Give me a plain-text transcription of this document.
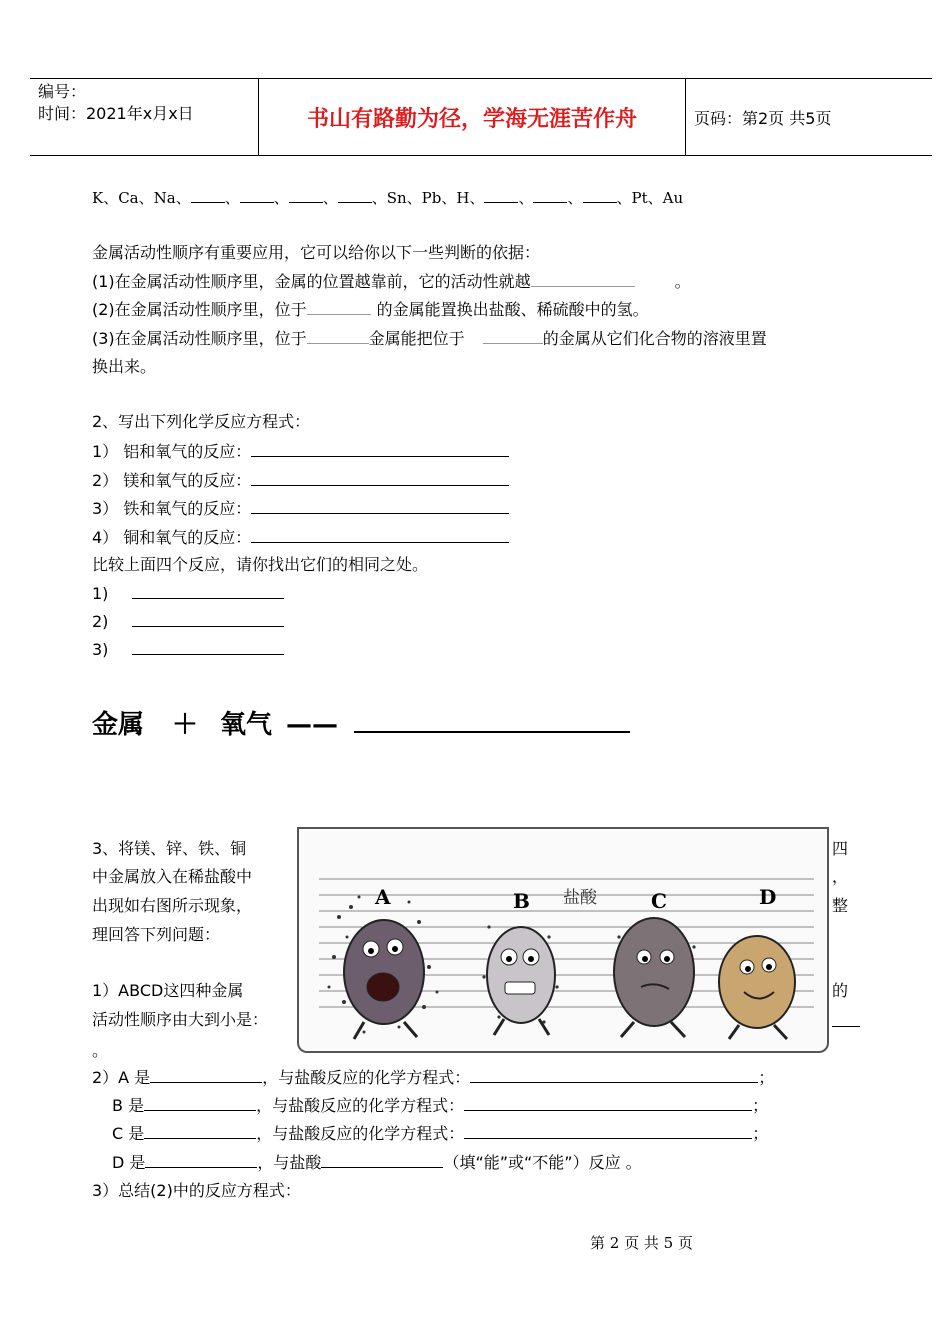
编号：
时间：2021年x月x日	书山有路勤为径，学海无涯苦作舟	页码：第2页 共5页
K、Ca、Na、 、 、 、 、Sn、Pb、H、 、 、 、Pt、Au
金属活动性顺序有重要应用，它可以给你以下一些判断的依据：
(1)在金属活动性顺序里，金属的位置越靠前，它的活动性就越	。
(2)在金属活动性顺序里，位于	的金属能置换出盐酸、稀硫酸中的氢。
(3)在金属活动性顺序里，位于	金属能把位于	的金属从它们化合物的溶液里置
换出来。
2、写出下列化学反应方程式：
1） 铝和氧气的反应：
2） 镁和氧气的反应：
3） 铁和氧气的反应：
4） 铜和氧气的反应：
比较上面四个反应，请你找出它们的相同之处。
1)
2)
3)
金属 ＋ 氧气 ——
3、将镁、锌、铁、铜
中金属放入在稀盐酸中
出现如右图所示现象，
理回答下列问题：
1）ABCD这四种金属
活动性顺序由大到小是：
。
四
，
整
的
A	B	C	D
盐酸
2）A 是	，与盐酸反应的化学方程式：	；
B 是	，与盐酸反应的化学方程式：	；
C 是	，与盐酸反应的化学方程式：	；
D 是	，与盐酸	（填“能”或“不能”）反应 。
3）总结(2)中的反应方程式：
第 2 页 共 5 页
